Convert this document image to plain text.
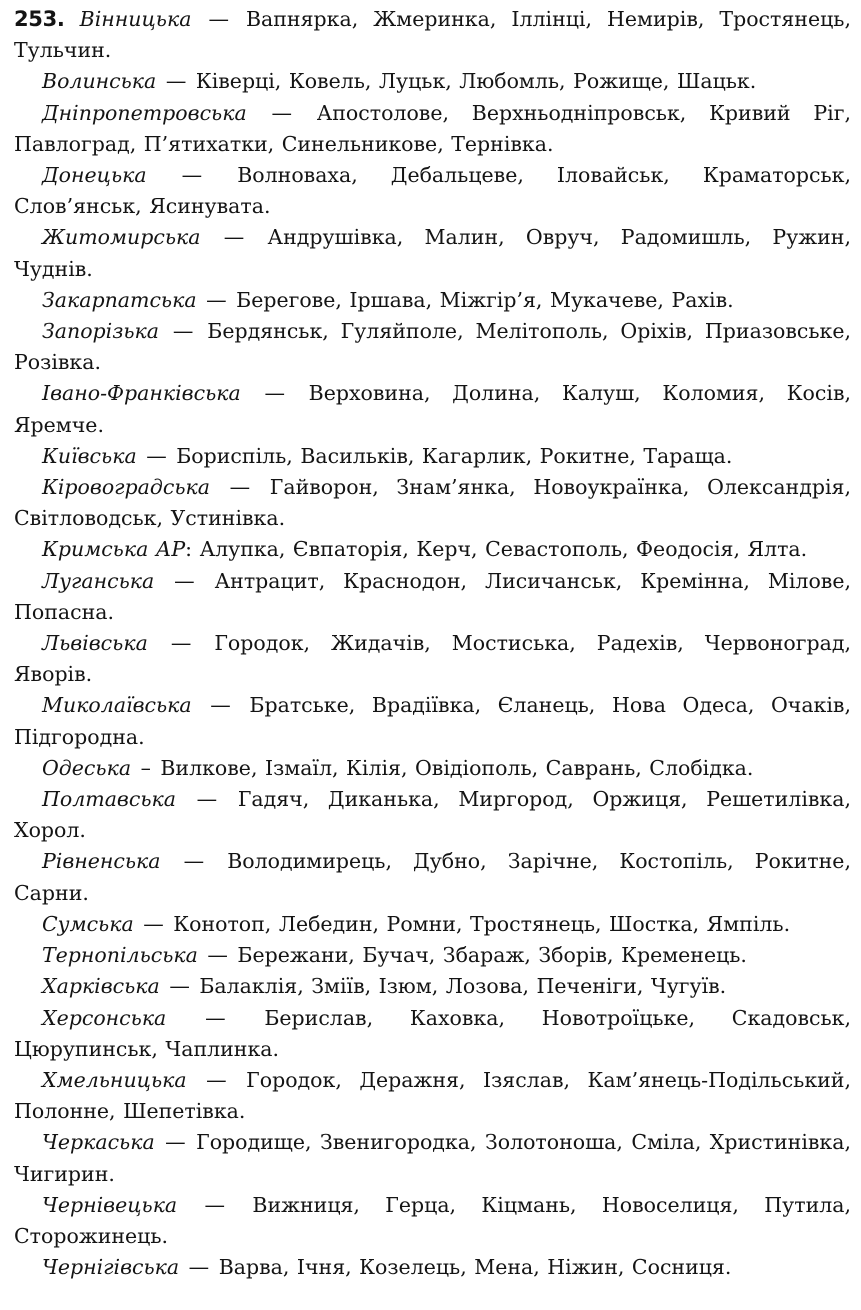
253. Вінницька — Вапнярка, Жмеринка, Іллінці, Немирів, Тростянець, Тульчин.

Волинська — Ківерці, Ковель, Луцьк, Любомль, Рожище, Шацьк.

Дніпропетровська — Апостолове, Верхньодніпровськ, Кривий Ріг, Павлоград, П’ятихатки, Синельникове, Тернівка.

Донецька — Волноваха, Дебальцеве, Іловайськ, Краматорськ, Слов’янськ, Ясинувата.

Житомирська — Андрушівка, Малин, Овруч, Радомишль, Ружин, Чуднів.

Закарпатська — Берегове, Іршава, Міжгір’я, Мукачеве, Рахів.

Запорізька — Бердянськ, Гуляйполе, Мелітополь, Оріхів, Приазовське, Розівка.

Івано-Франківська — Верховина, Долина, Калуш, Коломия, Косів, Яремче.

Київська — Бориспіль, Васильків, Кагарлик, Рокитне, Тараща.

Кіровоградська — Гайворон, Знам’янка, Новоукраїнка, Олександрія, Світловодськ, Устинівка.

Кримська АР: Алупка, Євпаторія, Керч, Севастополь, Феодосія, Ялта.

Луганська — Антрацит, Краснодон, Лисичанськ, Кремінна, Міловe, Попасна.

Львівська — Городок, Жидачів, Мостиська, Радехів, Червоноград, Яворів.

Миколаївська — Братське, Врадіївка, Єланець, Нова Одеса, Очаків, Підгородна.

Одеська – Вилкове, Ізмаїл, Кілія, Овідіополь, Саврань, Слобідка.

Полтавська — Гадяч, Диканька, Миргород, Оржиця, Решетилівка, Хорол.

Рівненська — Володимирець, Дубно, Зарічне, Костопіль, Рокитне, Сарни.

Сумська — Конотоп, Лебедин, Ромни, Тростянець, Шостка, Ямпіль.

Тернопільська — Бережани, Бучач, Збараж, Зборів, Кременець.

Харківська — Балаклія, Зміїв, Ізюм, Лозова, Печеніги, Чугуїв.

Херсонська — Берислав, Каховка, Новотроїцьке, Скадовськ, Цюрупинськ, Чаплинка.

Хмельницька — Городок, Деражня, Ізяслав, Кам’янець-Подільський, Полонне, Шепетівка.

Черкаська — Городище, Звенигородка, Золотоноша, Сміла, Христинівка, Чигирин.

Чернівецька — Вижниця, Герца, Кіцмань, Новоселиця, Путила, Сторожинець.

Чернігівська — Варва, Ічня, Козелець, Мена, Ніжин, Сосниця.
